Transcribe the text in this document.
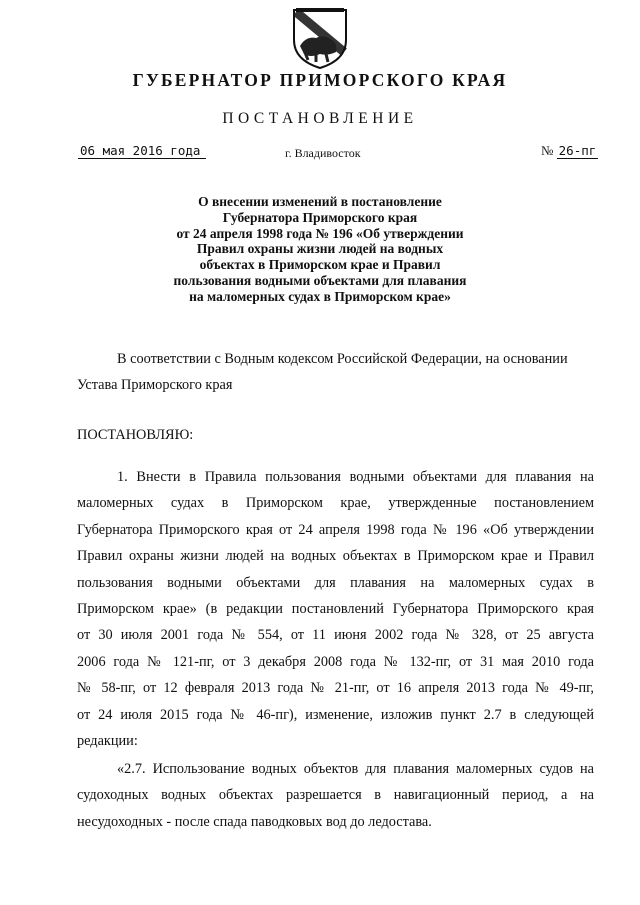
ГУБЕРНАТОР ПРИМОРСКОГО КРАЯ
ПОСТАНОВЛЕНИЕ
06 мая 2016 года	г. Владивосток	№ 26-пг
О внесении изменений в постановление
Губернатора Приморского края
от 24 апреля 1998 года № 196 «Об утверждении
Правил охраны жизни людей на водных
объектах в Приморском крае и Правил
пользования водными объектами для плавания
на маломерных судах в Приморском крае»
В соответствии с Водным кодексом Российской Федерации, на основании
Устава Приморского края
ПОСТАНОВЛЯЮ:
1. Внести в Правила пользования водными объектами для плавания на
маломерных судах в Приморском крае, утвержденные постановлением
Губернатора Приморского края от 24 апреля 1998 года № 196 «Об утверждении
Правил охраны жизни людей на водных объектах в Приморском крае и Правил
пользования водными объектами для плавания на маломерных судах в
Приморском крае» (в редакции постановлений Губернатора Приморского края
от 30 июля 2001 года № 554, от 11 июня 2002 года № 328, от 25 августа
2006 года № 121-пг, от 3 декабря 2008 года № 132-пг, от 31 мая 2010 года
№ 58-пг, от 12 февраля 2013 года № 21-пг, от 16 апреля 2013 года № 49-пг,
от 24 июля 2015 года № 46-пг), изменение, изложив пункт 2.7 в следующей
редакции:
«2.7. Использование водных объектов для плавания маломерных судов на
судоходных водных объектах разрешается в навигационный период, а на
несудоходных - после спада паводковых вод до ледостава.
